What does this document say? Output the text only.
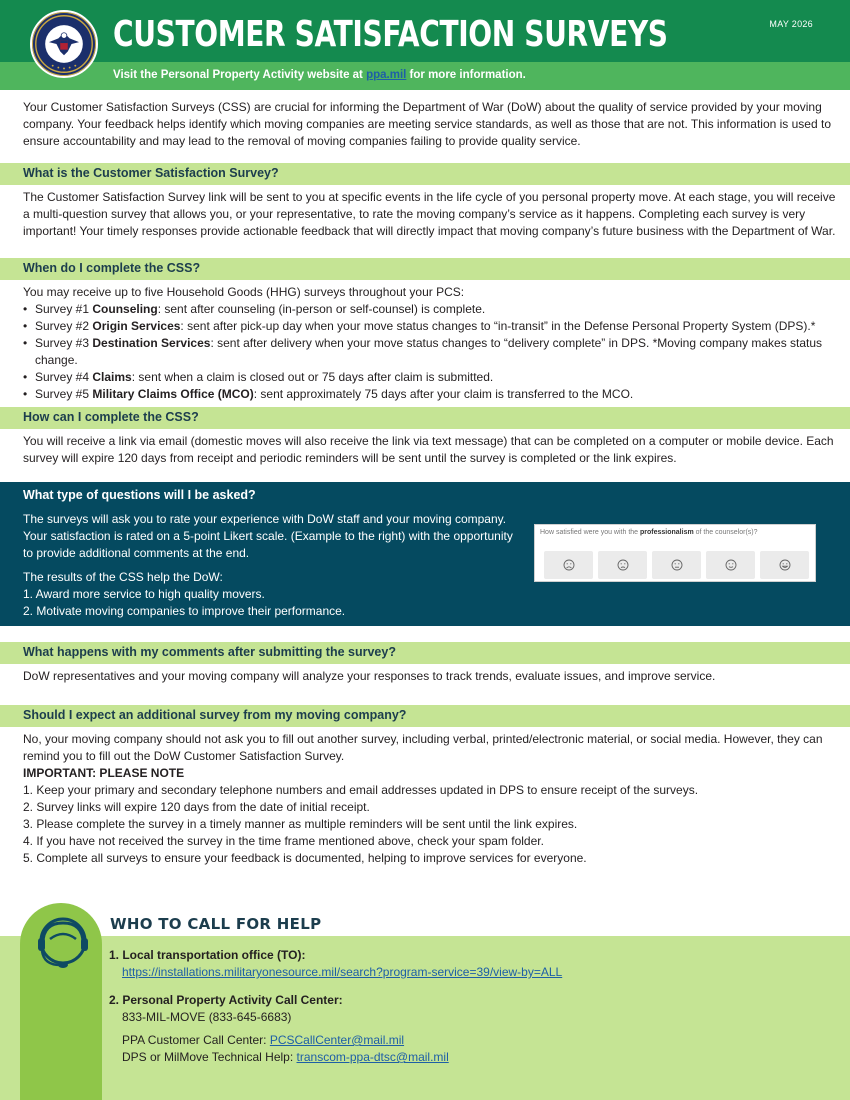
CUSTOMER SATISFACTION SURVEYS	MAY 2026
Visit the Personal Property Activity website at ppa.mil for more information.

Your Customer Satisfaction Surveys (CSS) are crucial for informing the Department of War (DoW) about the quality of service provided by your moving company. Your feedback helps identify which moving companies are meeting service standards, as well as those that are not. This information is used to ensure accountability and may lead to the removal of moving companies failing to provide quality service.

What is the Customer Satisfaction Survey?

The Customer Satisfaction Survey link will be sent to you at specific events in the life cycle of you personal property move. At each stage, you will receive a multi-question survey that allows you, or your representative, to rate the moving company’s service as it happens. Completing each survey is very important! Your timely responses provide actionable feedback that will directly impact that moving company’s future business with the Department of War.

When do I complete the CSS?

You may receive up to five Household Goods (HHG) surveys throughout your PCS:

• Survey #1 Counseling: sent after counseling (in-person or self-counsel) is complete.
• Survey #2 Origin Services: sent after pick-up day when your move status changes to “in-transit” in the Defense Personal Property System (DPS).*
• Survey #3 Destination Services: sent after delivery when your move status changes to “delivery complete” in DPS. *Moving company makes status change.
• Survey #4 Claims: sent when a claim is closed out or 75 days after claim is submitted.
• Survey #5 Military Claims Office (MCO): sent approximately 75 days after your claim is transferred to the MCO.
How can I complete the CSS?

You will receive a link via email (domestic moves will also receive the link via text message) that can be completed on a computer or mobile device. Each survey will expire 120 days from receipt and periodic reminders will be sent until the survey is completed or the link expires.

What type of questions will I be asked?

The surveys will ask you to rate your experience with DoW staff and your moving company. Your satisfaction is rated on a 5-point Likert scale. (Example to the right) with the opportunity to provide additional comments at the end.

The results of the CSS help the DoW:

1. Award more service to high quality movers.

2. Motivate moving companies to improve their performance.

How satisfied were you with the professionalism of the counselor(s)?
What happens with my comments after submitting the survey?

DoW representatives and your moving company will analyze your responses to track trends, evaluate issues, and improve service.

Should I expect an additional survey from my moving company?

No, your moving company should not ask you to fill out another survey, including verbal, printed/electronic material, or social media. However, they can remind you to fill out the DoW Customer Satisfaction Survey.

IMPORTANT: PLEASE NOTE

1. Keep your primary and secondary telephone numbers and email addresses updated in DPS to ensure receipt of the surveys.

2. Survey links will expire 120 days from the date of initial receipt.

3. Please complete the survey in a timely manner as multiple reminders will be sent until the link expires.

4. If you have not received the survey in the time frame mentioned above, check your spam folder.

5. Complete all surveys to ensure your feedback is documented, helping to improve services for everyone.

WHO TO CALL FOR HELP
1. Local transportation office (TO):
https://installations.militaryonesource.mil/search?program-service=39/view-by=ALL
2. Personal Property Activity Call Center:
833-MIL-MOVE (833-645-6683)
PPA Customer Call Center: PCSCallCenter@mail.mil
DPS or MilMove Technical Help: transcom-ppa-dtsc@mail.mil
